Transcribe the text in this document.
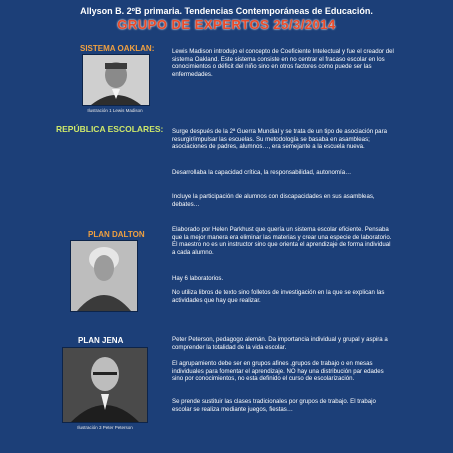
Allyson B. 2ºB primaria. Tendencias Contemporáneas de Educación.
GRUPO DE EXPERTOS 25/3/2014
SISTEMA OAKLAN:
Ilustración 1 Lewis Madison

Lewis Madison introdujo el concepto de Coeficiente Intelectual y fue el creador del sistema Oakland. Este sistema consiste en no centrar el fracaso escolar en los conocimientos o déficit del niño sino en otros factores como puede ser las enfermedades.

REPÚBLICA ESCOLARES: Surge después de la 2ª Guerra Mundial y se trata de un tipo de asociación para resurgir/impulsar las escuelas. Su metodología se basaba en asambleas; asociaciones de padres, alumnos…, era semejante a la escuela nueva.

Desarrollaba la capacidad crítica, la responsabilidad, autonomía…

Incluye la participación de alumnos con discapacidades en sus asambleas, debates…

PLAN DALTON

Elaborado por Helen Parkhust que quería un sistema escolar eficiente. Pensaba que la mejor manera era eliminar las materias y crear una especie de laboratorio. El maestro no es un instructor sino que orienta el aprendizaje de forma individual a cada alumno.

Hay 6 laboratorios.

No utiliza libros de texto sino folletos de investigación en la que se explican las actividades que hay que realizar.

PLAN JENA
Ilustración 3 Peter Peterson

Peter Peterson, pedagogo alemán. Da importancia individual y grupal y aspira a comprender la totalidad de la vida escolar.

El agrupamiento debe ser en grupos afines ,grupos de trabajo o en mesas individuales para fomentar el aprendizaje. NO hay una distribución par edades sino por conocimientos, no esta definido el curso de escolarización.

Se prende sustituir las clases tradicionales por grupos de trabajo. El trabajo escolar se realiza mediante juegos, fiestas…
